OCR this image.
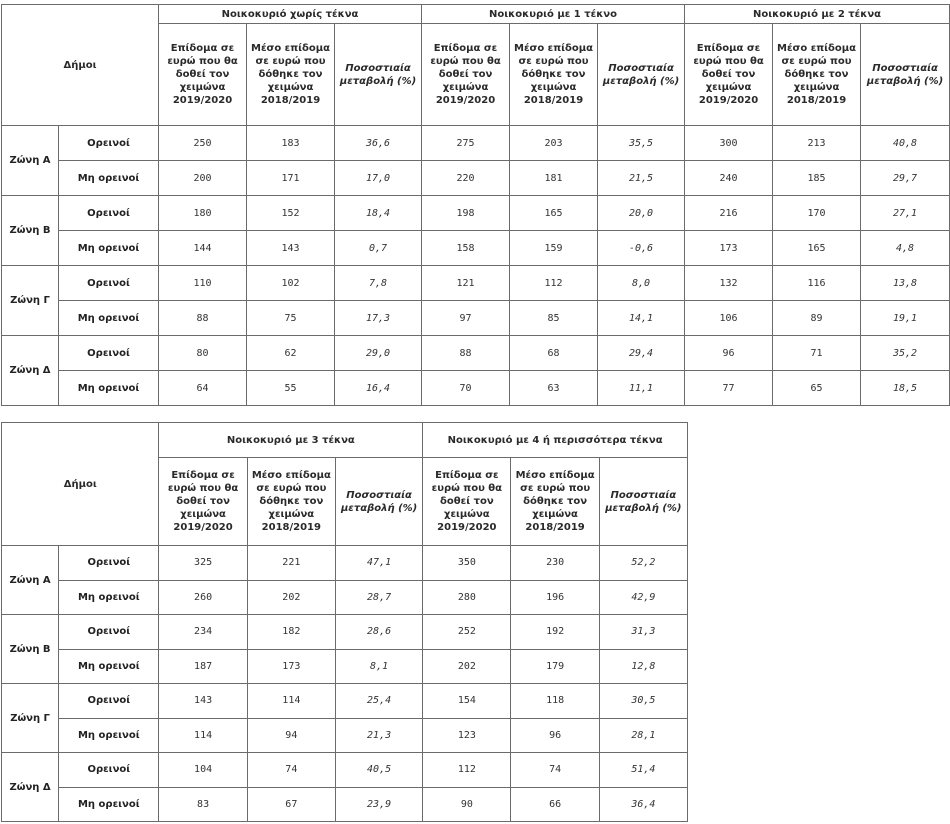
Δήμοι		Νοικοκυριό χωρίς τέκνα			Νοικοκυριό με 1 τέκνο			Νοικοκυριό με 2 τέκνα		
		Επίδομα σε ευρώ που θα δοθεί τον χειμώνα 2019/2020	Μέσο επίδομα σε ευρώ που δόθηκε τον χειμώνα 2018/2019	Ποσοστιαία μεταβολή (%)	Επίδομα σε ευρώ που θα δοθεί τον χειμώνα 2019/2020	Μέσο επίδομα σε ευρώ που δόθηκε τον χειμώνα 2018/2019	Ποσοστιαία μεταβολή (%)	Επίδομα σε ευρώ που θα δοθεί τον χειμώνα 2019/2020	Μέσο επίδομα σε ευρώ που δόθηκε τον χειμώνα 2018/2019	Ποσοστιαία μεταβολή (%)
Ζώνη Α	Ορεινοί	250	183	36,6	275	203	35,5	300	213	40,8
	Μη ορεινοί	200	171	17,0	220	181	21,5	240	185	29,7
Ζώνη Β	Ορεινοί	180	152	18,4	198	165	20,0	216	170	27,1
	Μη ορεινοί	144	143	0,7	158	159	-0,6	173	165	4,8
Ζώνη Γ	Ορεινοί	110	102	7,8	121	112	8,0	132	116	13,8
	Μη ορεινοί	88	75	17,3	97	85	14,1	106	89	19,1
Ζώνη Δ	Ορεινοί	80	62	29,0	88	68	29,4	96	71	35,2
	Μη ορεινοί	64	55	16,4	70	63	11,1	77	65	18,5
Δήμοι		Νοικοκυριό με 3 τέκνα			Νοικοκυριό με 4 ή περισσότερα τέκνα		
		Επίδομα σε ευρώ που θα δοθεί τον χειμώνα 2019/2020	Μέσο επίδομα σε ευρώ που δόθηκε τον χειμώνα 2018/2019	Ποσοστιαία μεταβολή (%)	Επίδομα σε ευρώ που θα δοθεί τον χειμώνα 2019/2020	Μέσο επίδομα σε ευρώ που δόθηκε τον χειμώνα 2018/2019	Ποσοστιαία μεταβολή (%)
Ζώνη Α	Ορεινοί	325	221	47,1	350	230	52,2
	Μη ορεινοί	260	202	28,7	280	196	42,9
Ζώνη Β	Ορεινοί	234	182	28,6	252	192	31,3
	Μη ορεινοί	187	173	8,1	202	179	12,8
Ζώνη Γ	Ορεινοί	143	114	25,4	154	118	30,5
	Μη ορεινοί	114	94	21,3	123	96	28,1
Ζώνη Δ	Ορεινοί	104	74	40,5	112	74	51,4
	Μη ορεινοί	83	67	23,9	90	66	36,4
